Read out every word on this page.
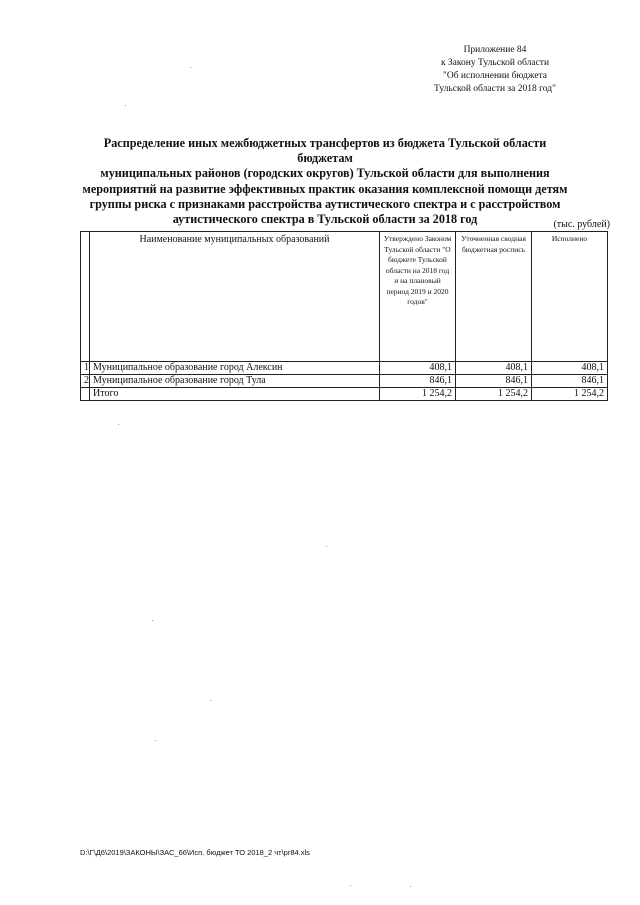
Приложение 84
к Закону Тульской области
"Об исполнении бюджета
Тульской области за 2018 год"
Распределение иных межбюджетных трансфертов из бюджета Тульской области бюджетам
муниципальных районов (городских округов) Тульской области для выполнения
мероприятий на развитие эффективных практик оказания комплексной помощи детям
группы риска с признаками расстройства аутистического спектра и с расстройством
аутистического спектра в Тульской области за 2018 год	(тыс. рублей)
	Наименование муниципальных образований	Утверждено Законом Тульской области "О бюджете Тульской области на 2018 год и на плановый период 2019 и 2020 годов"	Уточненная сводная бюджетная роспись	Исполнено
1	Муниципальное образование город Алексин	408,1	408,1	408,1
2	Муниципальное образование город Тула	846,1	846,1	846,1
	Итого	1 254,2	1 254,2	1 254,2
D:\Г\Д6\2019\ЗАКОНЫ\ЗАС_66\Исп. бюджет ТО 2018_2 чт\pr84.xls
